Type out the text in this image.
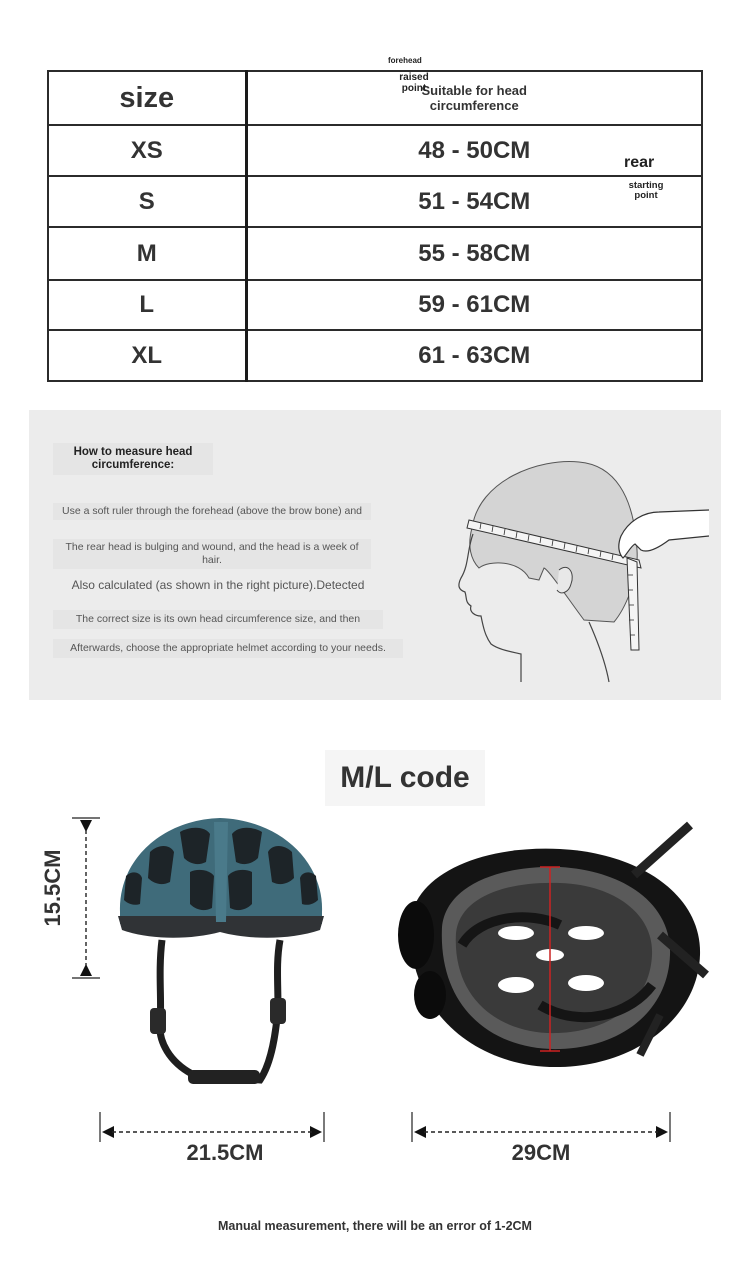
size	Suitable for head circumference
XS	48 - 50CM
S	51 - 54CM
M	55 - 58CM
L	59 - 61CM
XL	61 - 63CM
How to measure head circumference:
Use a soft ruler through the forehead (above the brow bone) and
The rear head is bulging and wound, and the head is a week of hair.
Also calculated (as shown in the right picture).Detected
The correct size is its own head circumference size, and then
Afterwards, choose the appropriate helmet according to your needs.
forehead
raised point
rear
starting point
M/L code
15.5CM
21.5CM	29CM
Manual measurement, there will be an error of 1-2CM
